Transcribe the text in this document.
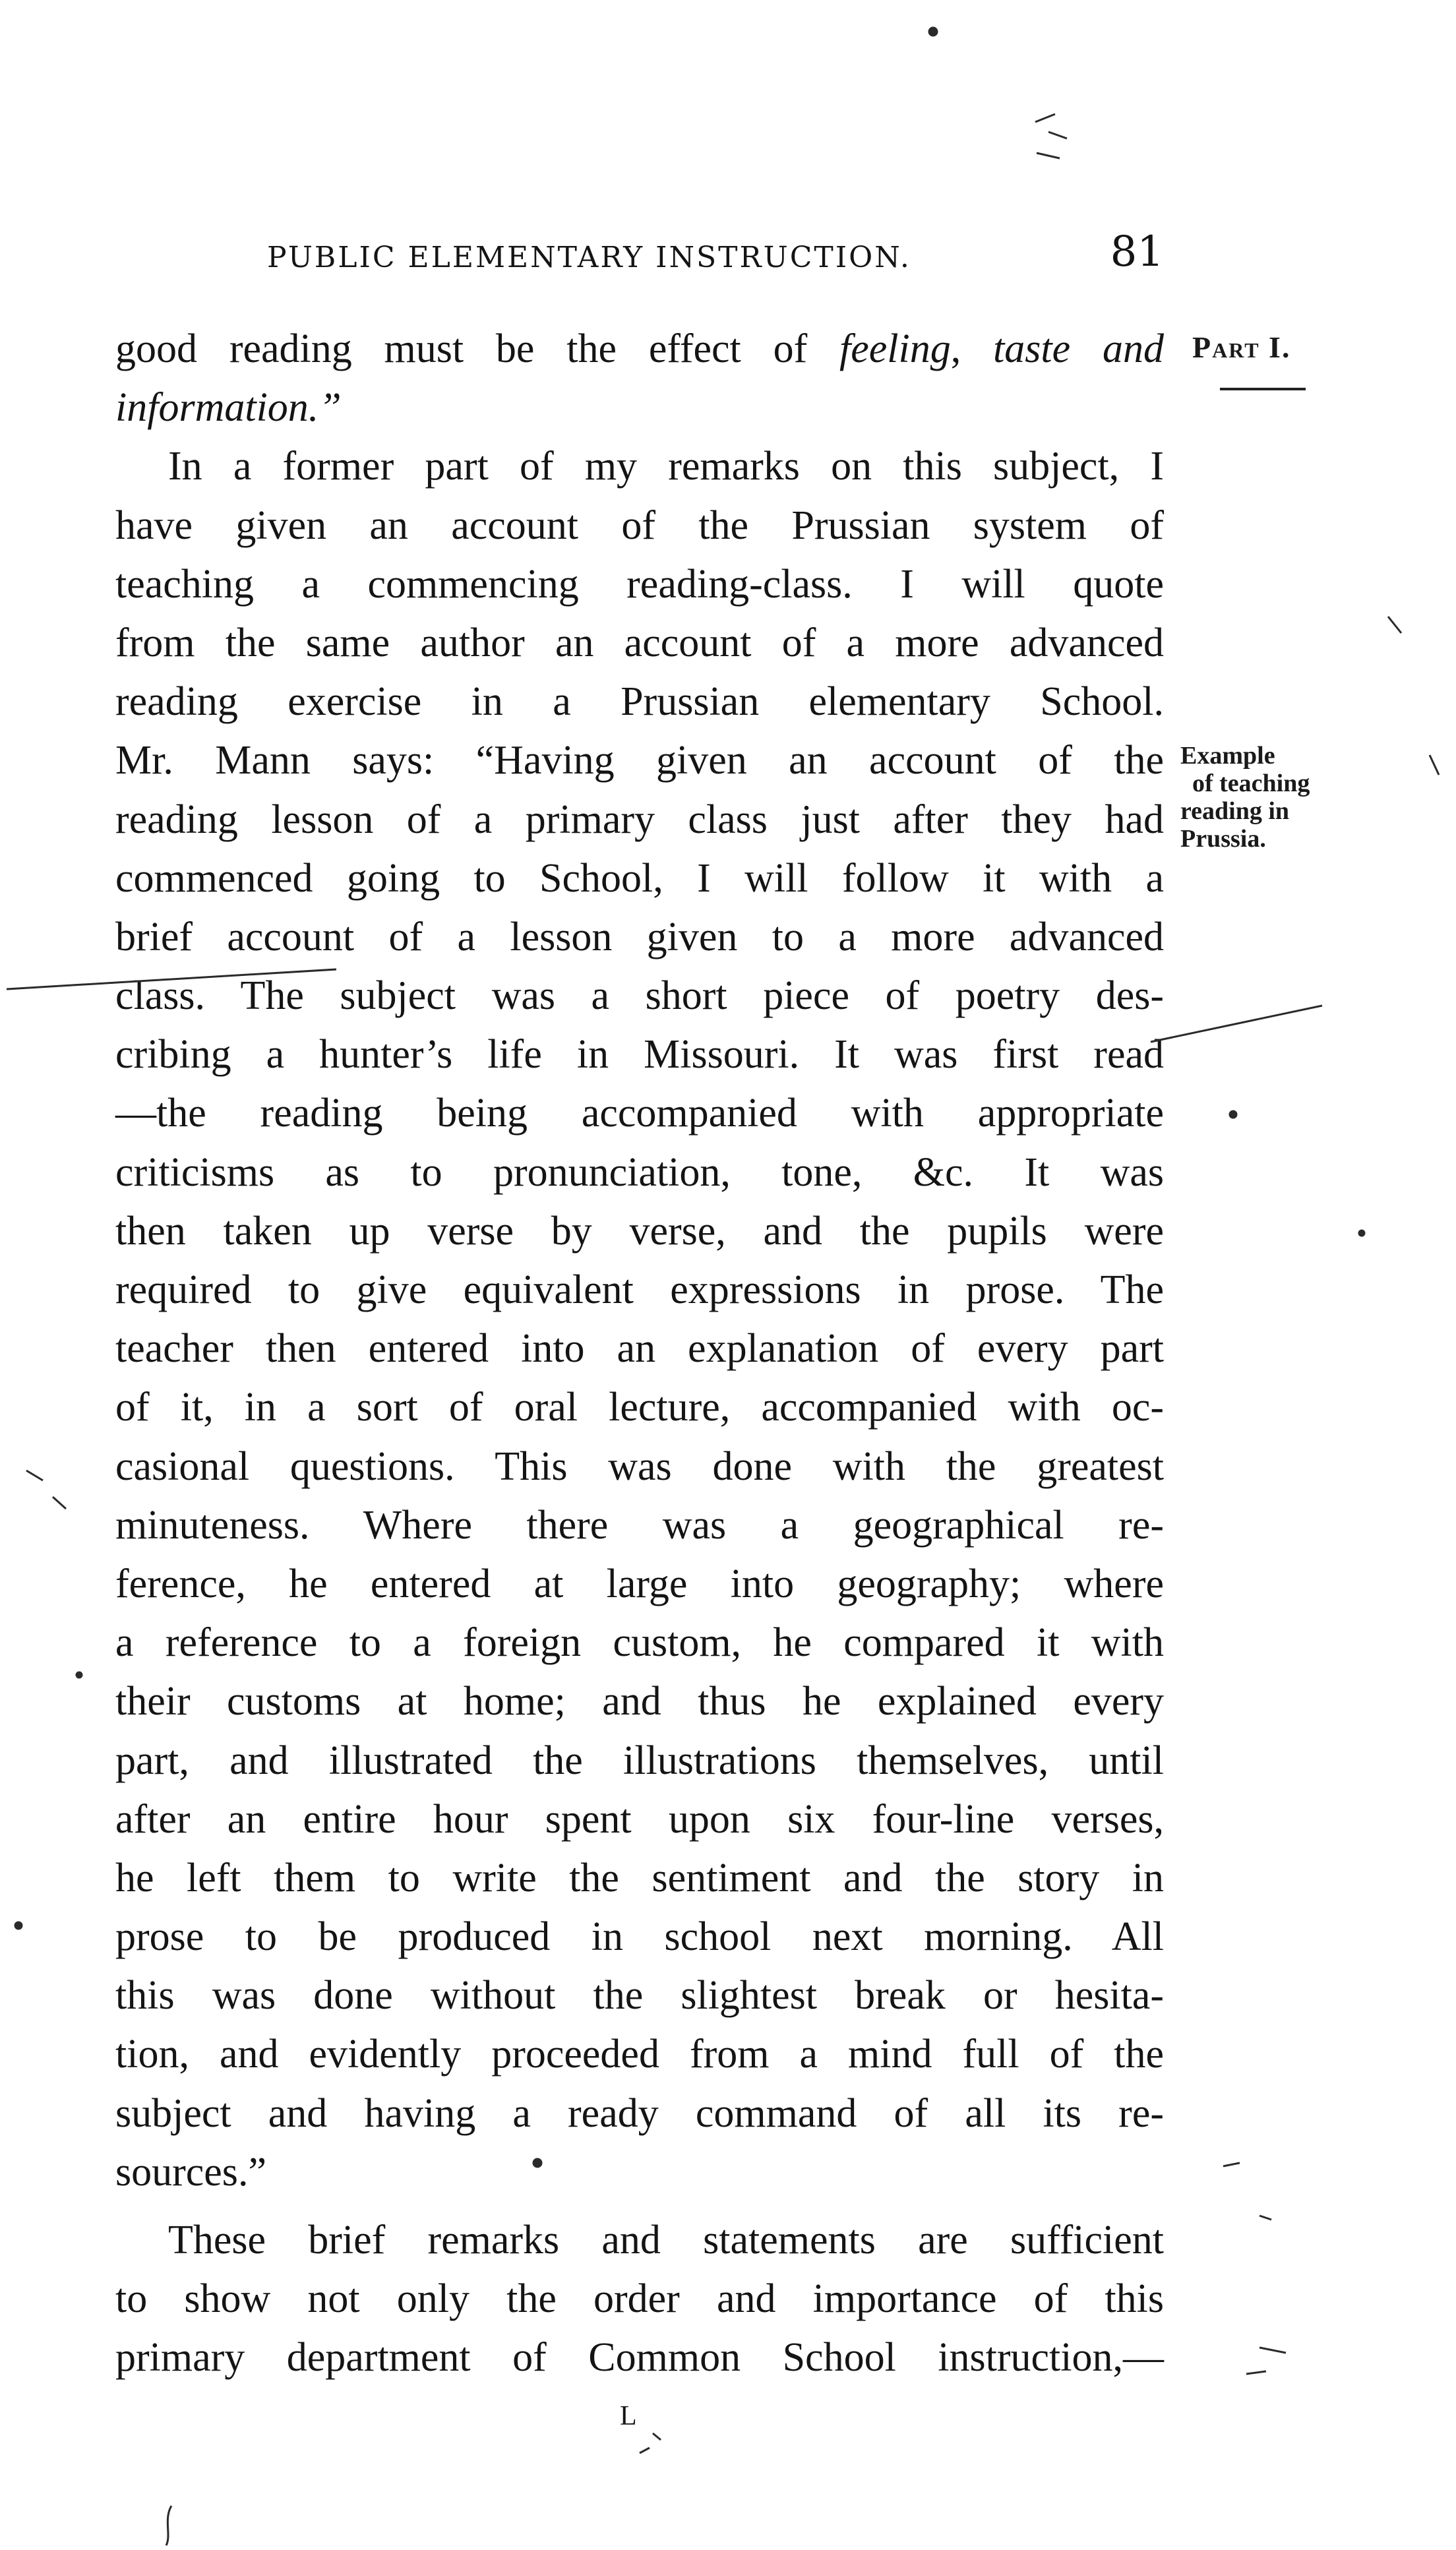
PUBLIC ELEMENTARY INSTRUCTION.	81
good reading must be the effect of feeling, taste and
information.”
In a former part of my remarks on this subject, I
have given an account of the Prussian system of
teaching a commencing reading-class. I will quote
from the same author an account of a more advanced
reading exercise in a Prussian elementary School.
Mr. Mann says: “Having given an account of the
reading lesson of a primary class just after they had
commenced going to School, I will follow it with a
brief account of a lesson given to a more advanced
class. The subject was a short piece of poetry des-
cribing a hunter’s life in Missouri. It was first read
—the reading being accompanied with appropriate
criticisms as to pronunciation, tone, &c. It was
then taken up verse by verse, and the pupils were
required to give equivalent expressions in prose. The
teacher then entered into an explanation of every part
of it, in a sort of oral lecture, accompanied with oc-
casional questions. This was done with the greatest
minuteness. Where there was a geographical re-
ference, he entered at large into geography; where
a reference to a foreign custom, he compared it with
their customs at home; and thus he explained every
part, and illustrated the illustrations themselves, until
after an entire hour spent upon six four-line verses,
he left them to write the sentiment and the story in
prose to be produced in school next morning. All
this was done without the slightest break or hesita-
tion, and evidently proceeded from a mind full of the
subject and having a ready command of all its re-
sources.”
These brief remarks and statements are sufficient
to show not only the order and importance of this
primary department of Common School instruction,—
Part I.
Example
of teaching
reading in
Prussia.
L
